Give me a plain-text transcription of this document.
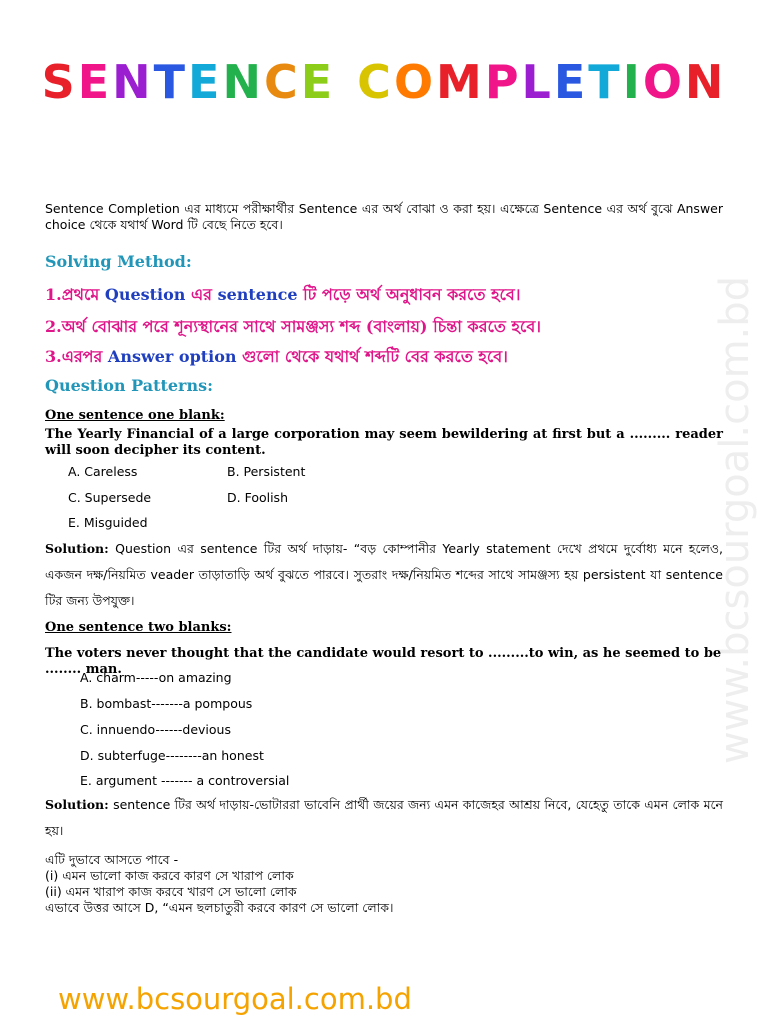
SENTENCE COMPLETION
www.bcsourgoal.com.bd
Sentence Completion এর মাধ্যমে পরীক্ষার্থীর Sentence এর অর্থ বোঝা ও করা হয়। এক্ষেত্রে Sentence এর অর্থ বুঝে Answer choice থেকে যথার্থ Word টি বেছে নিতে হবে।
Solving Method:
1.প্রথমে Question এর sentence টি পড়ে অর্থ অনুধাবন করতে হবে।
2.অর্থ বোঝার পরে শূন্যস্থানের সাথে সামঞ্জস্য শব্দ (বাংলায়) চিন্তা করতে হবে।
3.এরপর Answer option গুলো থেকে যথার্থ শব্দটি বের করতে হবে।
Question Patterns:
One sentence one blank:
The Yearly Financial of a large corporation may seem bewildering at first but a ......... reader will soon decipher its content.
A. Careless	B. Persistent
C. Supersede	D. Foolish
E. Misguided
Solution: Question এর sentence টির অর্থ দাড়ায়- “বড় কোম্পানীর Yearly statement দেখে প্রথমে দুর্বোধ্য মনে হলেও, একজন দক্ষ/নিয়মিত veader তাড়াতাড়ি অর্থ বুঝতে পারবে। সুতরাং দক্ষ/নিয়মিত শব্দের সাথে সামঞ্জস্য হয় persistent যা sentence টির জন্য উপযুক্ত।
One sentence two blanks:
The voters never thought that the candidate would resort to .........to win, as he seemed to be ........ man.
A. charm-----on amazing
B. bombast-------a pompous
C. innuendo------devious
D. subterfuge--------an honest
E. argument ------- a controversial
Solution: sentence টির অর্থ দাড়ায়-ভোটাররা ভাবেনি প্রার্থী জয়ের জন্য এমন কাজেহর আশ্রয় নিবে, যেহেতু তাকে এমন লোক মনে হয়।
এটি দুভাবে আসতে পাবে -
(i) এমন ভালো কাজ করবে কারণ সে খারাপ লোক
(ii) এমন খারাপ কাজ করবে খারণ সে ভালো লোক
এভাবে উত্তর আসে D, “এমন ছলচাতুরী করবে কারণ সে ভালো লোক।
www.bcsourgoal.com.bd
